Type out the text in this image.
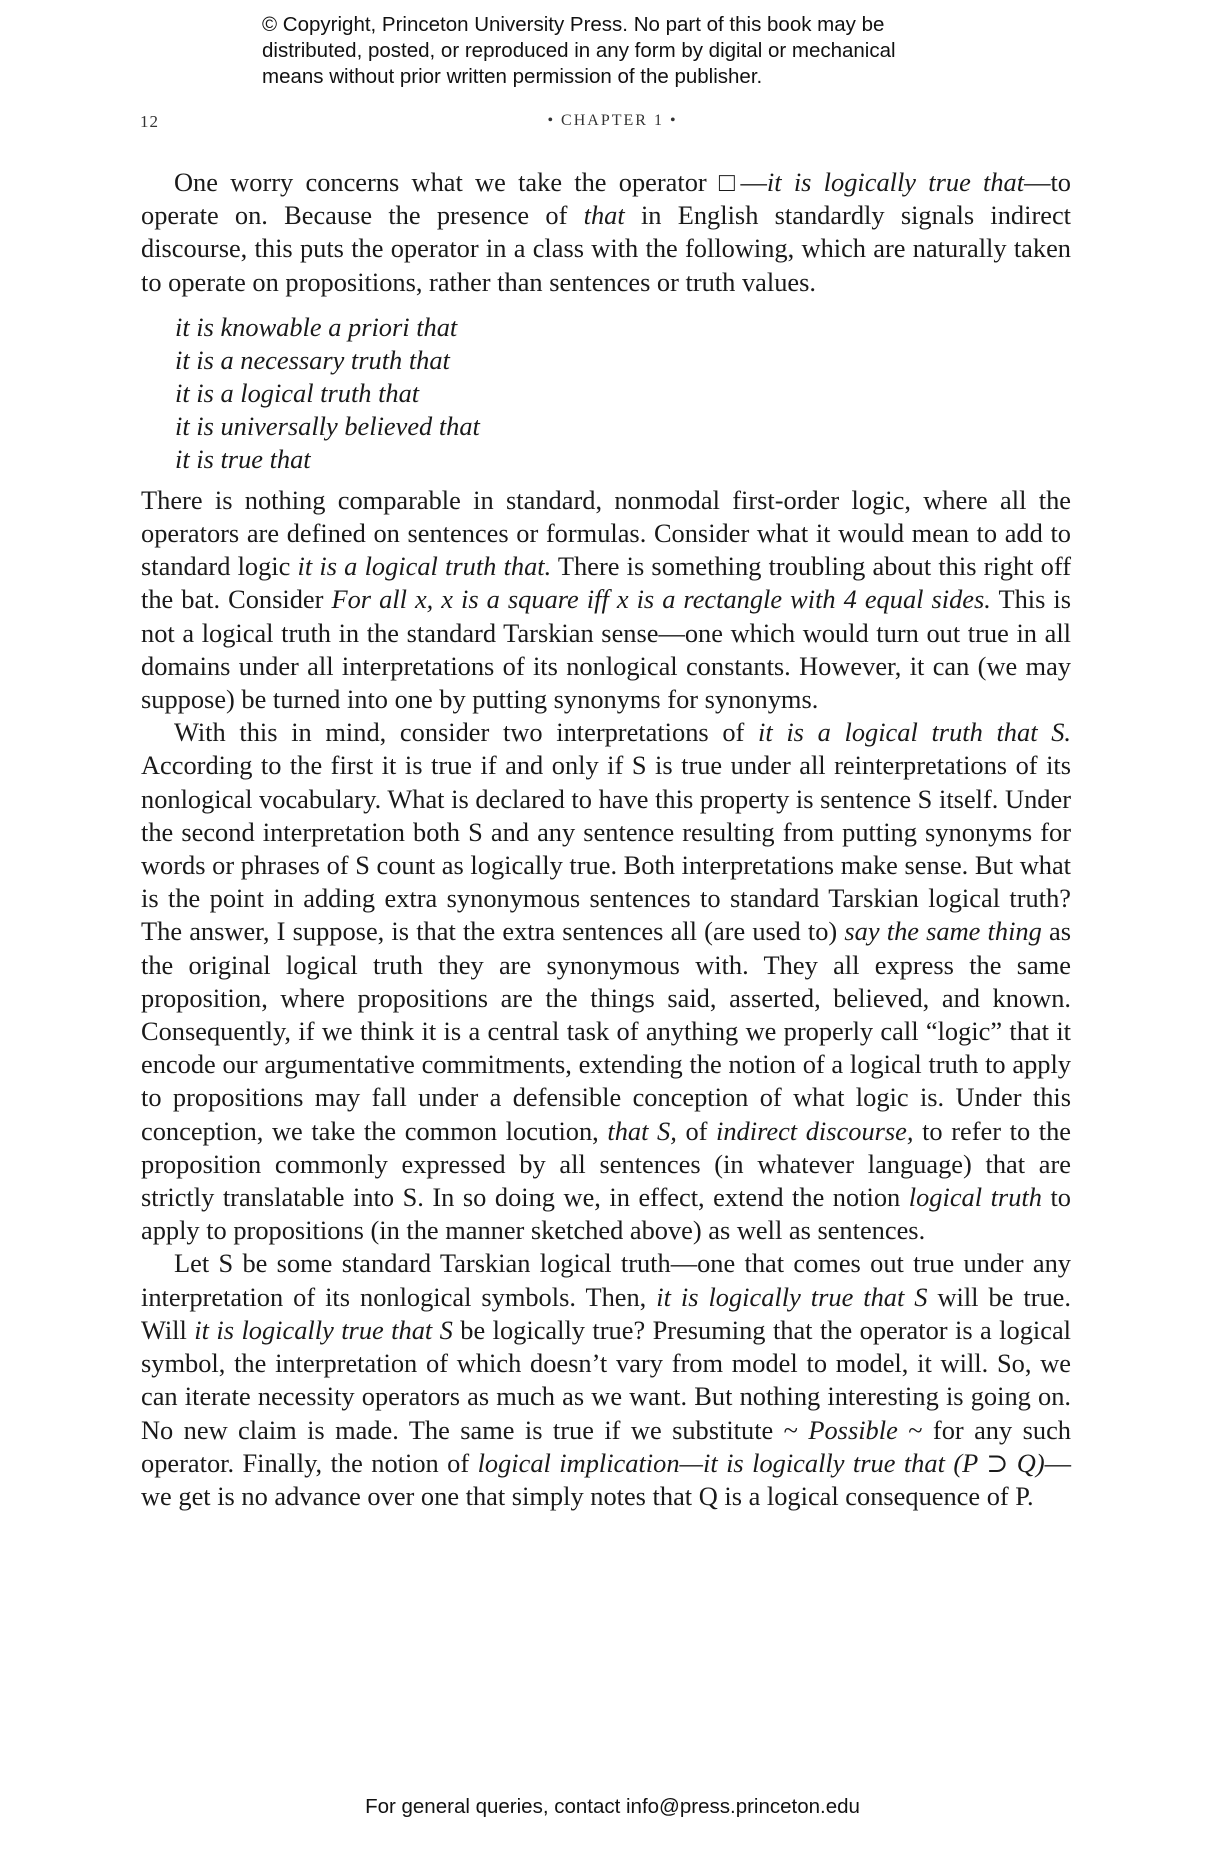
© Copyright, Princeton University Press. No part of this book may be
distributed, posted, or reproduced in any form by digital or mechanical
means without prior written permission of the publisher.
12	• CHAPTER 1 •

One worry concerns what we take the operator □—it is logically true that—to operate on. Because the presence of that in English standardly signals indirect discourse, this puts the operator in a class with the following, which are naturally taken to operate on propositions, rather than sentences or truth values.

it is knowable a priori that
it is a necessary truth that
it is a logical truth that
it is universally believed that
it is true that

There is nothing comparable in standard, nonmodal first-order logic, where all the operators are defined on sentences or formulas. Consider what it would mean to add to standard logic it is a logical truth that. There is something troubling about this right off the bat. Consider For all x, x is a square iff x is a rectangle with 4 equal sides. This is not a logical truth in the standard Tarskian sense—one which would turn out true in all domains under all interpretations of its nonlogical constants. However, it can (we may suppose) be turned into one by putting synonyms for synonyms.

With this in mind, consider two interpretations of it is a logical truth that S. According to the first it is true if and only if S is true under all reinterpretations of its nonlogical vocabulary. What is declared to have this property is sentence S itself. Under the second interpretation both S and any sentence resulting from putting synonyms for words or phrases of S count as logically true. Both interpretations make sense. But what is the point in adding extra synonymous sentences to standard Tarskian logical truth? The answer, I suppose, is that the extra sentences all (are used to) say the same thing as the original logical truth they are synonymous with. They all express the same proposition, where propositions are the things said, asserted, believed, and known. Consequently, if we think it is a central task of anything we properly call “logic” that it encode our argumentative commitments, extending the notion of a logical truth to apply to propositions may fall under a defensible conception of what logic is. Under this conception, we take the common locution, that S, of indirect discourse, to refer to the proposition commonly expressed by all sentences (in whatever language) that are strictly translatable into S. In so doing we, in effect, extend the notion logical truth to apply to propositions (in the manner sketched above) as well as sentences.

Let S be some standard Tarskian logical truth—one that comes out true under any interpretation of its nonlogical symbols. Then, it is logically true that S will be true. Will it is logically true that S be logically true? Presuming that the operator is a logical symbol, the interpretation of which doesn’t vary from model to model, it will. So, we can iterate necessity operators as much as we want. But nothing interesting is going on. No new claim is made. The same is true if we substitute ~ Possible ~ for any such operator. Finally, the notion of logical implication—it is logically true that (P ⊃ Q)—we get is no advance over one that simply notes that Q is a logical consequence of P.

For general queries, contact info@press.princeton.edu
